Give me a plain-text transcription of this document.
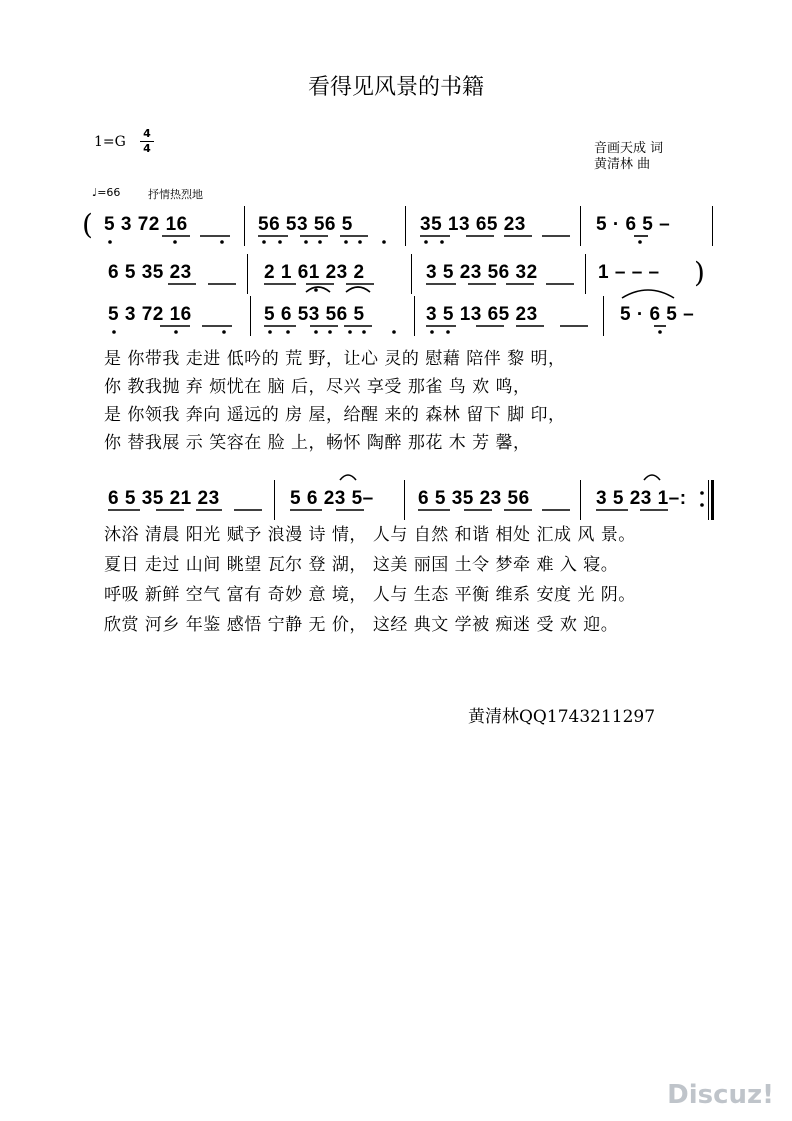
看得见风景的书籍
1=G
4
4	音画天成 词
黄清林 曲
♩=66	抒情热烈地
( 5 3 72 16	56 53 56 5	35 13 65 23	5 · 6 5 –
6 5 35 23	2 1 61 23 2	3 5 23 56 32	1 – – – )
5 3 72 16	5 6 53 56 5	3 5 13 65 23	5 · 6 5 –
是 你带我 走进 低吟的 荒 野，让心 灵的 慰藉 陪伴 黎 明，
你 教我抛 弃 烦忧在 脑 后，尽兴 享受 那雀 鸟 欢 鸣，
是 你领我 奔向 遥远的 房 屋，给醒 来的 森林 留下 脚 印，
你 替我展 示 笑容在 脸 上，畅怀 陶醉 那花 木 芳 馨，
6 5 35 21 23	5 6 23 5– 6 5 35 23 56	3 5 23 1–:
沐浴 清晨 阳光 赋予 浪漫 诗 情， 人与 自然 和谐 相处 汇成 风 景。
夏日 走过 山间 眺望 瓦尔 登 湖， 这美 丽国 土令 梦牵 难 入 寝。
呼吸 新鲜 空气 富有 奇妙 意 境， 人与 生态 平衡 维系 安度 光 阴。
欣赏 河乡 年鉴 感悟 宁静 无 价， 这经 典文 学被 痴迷 受 欢 迎。
黄清林QQ1743211297
Discuz!
